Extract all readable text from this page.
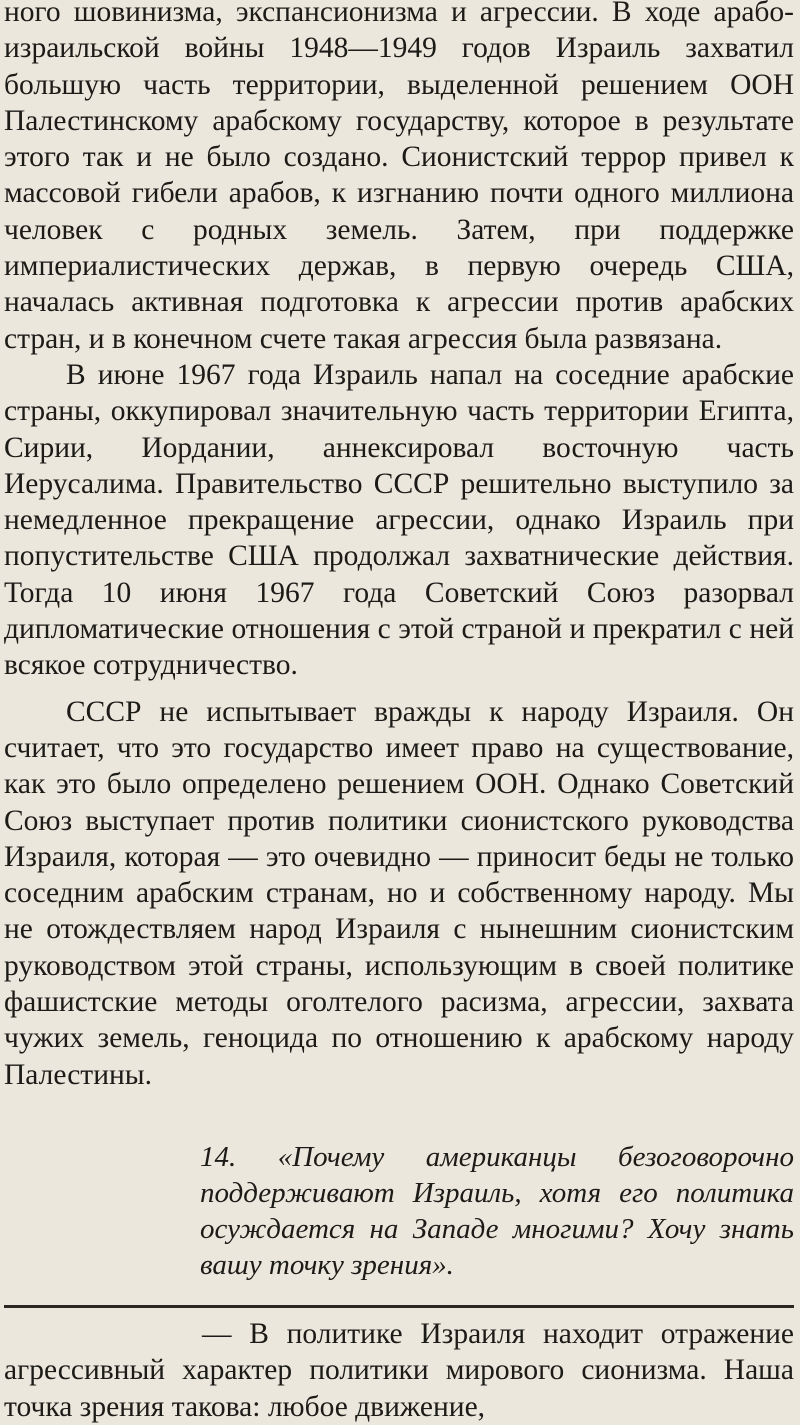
ного шовинизма, экспансионизма и агрессии. В ходе арабо-израильской войны 1948—1949 годов Израиль захватил большую часть территории, выделенной решением ООН Палестинскому арабскому государству, которое в результате этого так и не было создано. Сионистский террор привел к массовой гибели арабов, к изгнанию почти одного миллиона человек с родных земель. Затем, при поддержке империалистических держав, в первую очередь США, началась активная подготовка к агрессии против арабских стран, и в конечном счете такая агрессия была развязана.

В июне 1967 года Израиль напал на соседние арабские страны, оккупировал значительную часть территории Египта, Сирии, Иордании, аннексировал восточную часть Иерусалима. Правительство СССР решительно выступило за немедленное прекращение агрессии, однако Израиль при попустительстве США продолжал захватнические действия. Тогда 10 июня 1967 года Советский Союз разорвал дипломатические отношения с этой страной и прекратил с ней всякое сотрудничество.

СССР не испытывает вражды к народу Израиля. Он считает, что это государство имеет право на существование, как это было определено решением ООН. Однако Советский Союз выступает против политики сионистского руководства Израиля, которая — это очевидно — приносит беды не только соседним арабским странам, но и собственному народу. Мы не отождествляем народ Израиля с нынешним сионистским руководством этой страны, использующим в своей политике фашистские методы оголтелого расизма, агрессии, захвата чужих земель, геноцида по отношению к арабскому народу Палестины.

14. «Почему американцы безоговорочно поддерживают Израиль, хотя его политика осуждается на Западе многими? Хочу знать вашу точку зрения».

— В политике Израиля находит отражение агрессивный характер политики мирового сионизма. Наша точка зрения такова: любое движение,
